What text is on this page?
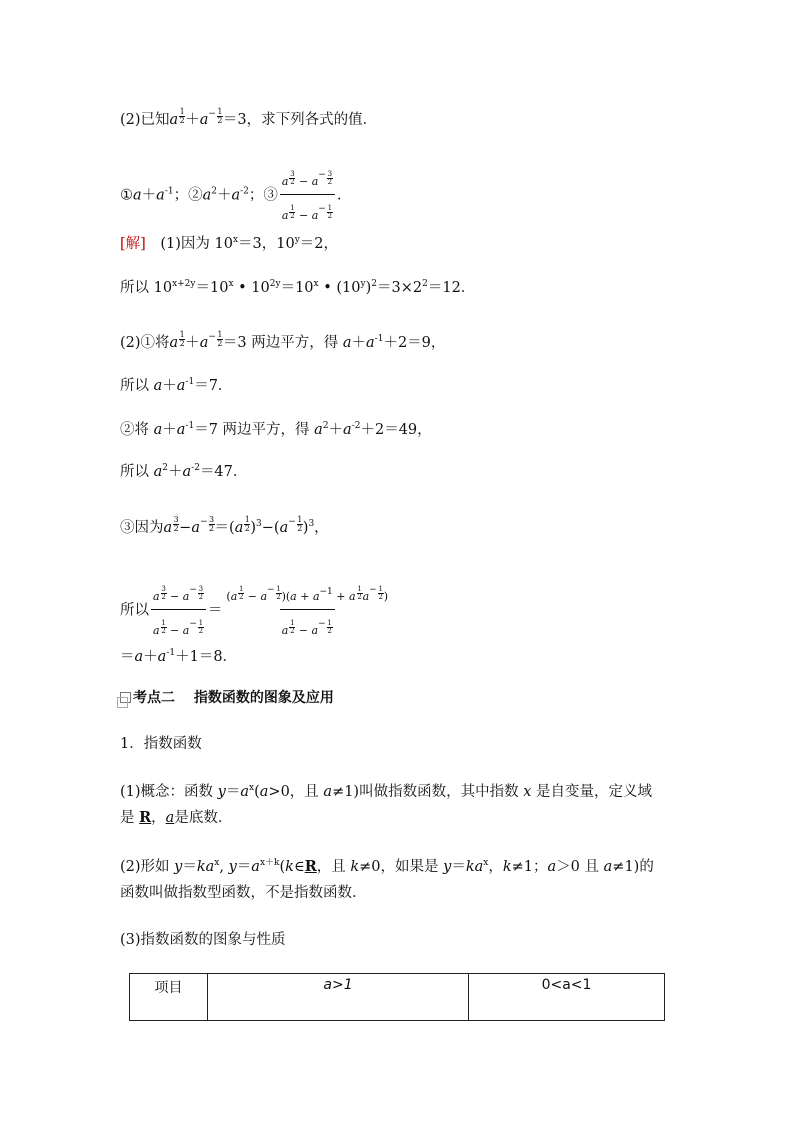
(2)已知a $\frac{1}{2} +a^- \frac{1}{2} =3$，求下列各式的值．
$①a+a^{-1}$；$②a^2+a^{-2}$；③ $\frac{a \frac{3}{2} - a^- \frac{3}{2}}{a \frac{1}{2} - a^- \frac{1}{2}}$ .
[解]　(1)因为 $10^x=3$，$10^y=2$，
所以 $10^{x+2y}=10^x$ • $10^{2y}=10^x$ • $(10^y)^2=3\times 2^2=12$．
(2)①将a $\frac{1}{2} +a^- \frac{1}{2} =3$ 两边平方，得 $a+a^{-1}+2=9$，
所以 $a+a^{-1}=7$．
②将 $a+a^{-1}=7$ 两边平方，得 $a^2+a^{-2}+2=49$，
所以 $a^2+a^{-2}=47$．
③因为a $\frac{3}{2} -a^- \frac{3}{2} =(a \frac{1}{2} )^3-(a^- \frac{1}{2} )^3$，
所以 $\frac{a \frac{3}{2} - a^- \frac{3}{2}}{a \frac{1}{2} - a^- \frac{1}{2}} = \frac{(a \frac{1}{2} - a^- \frac{1}{2} )(a + a^{-1} + a \frac{1}{2} a^- \frac{1}{2} )}{a \frac{1}{2} - a^- \frac{1}{2}}$
$=a+a^{-1}+1=8$．
考点二　 指数函数的图象及应用
1．指数函数
(1)概念：函数 $y=a^x(a>0$，且 a≠1)叫做指数函数，其中指数 x 是自变量，定义域
是 R，a是底数．
(2)形如 $y=ka^x$, $y=a^{x+k}(k\in R$，且 k≠0，如果是 $y=ka^x$，k≠1；a＞0 且 a≠1)的
函数叫做指数型函数，不是指数函数．
(3)指数函数的图象与性质
项目	a>1	0<a<1
